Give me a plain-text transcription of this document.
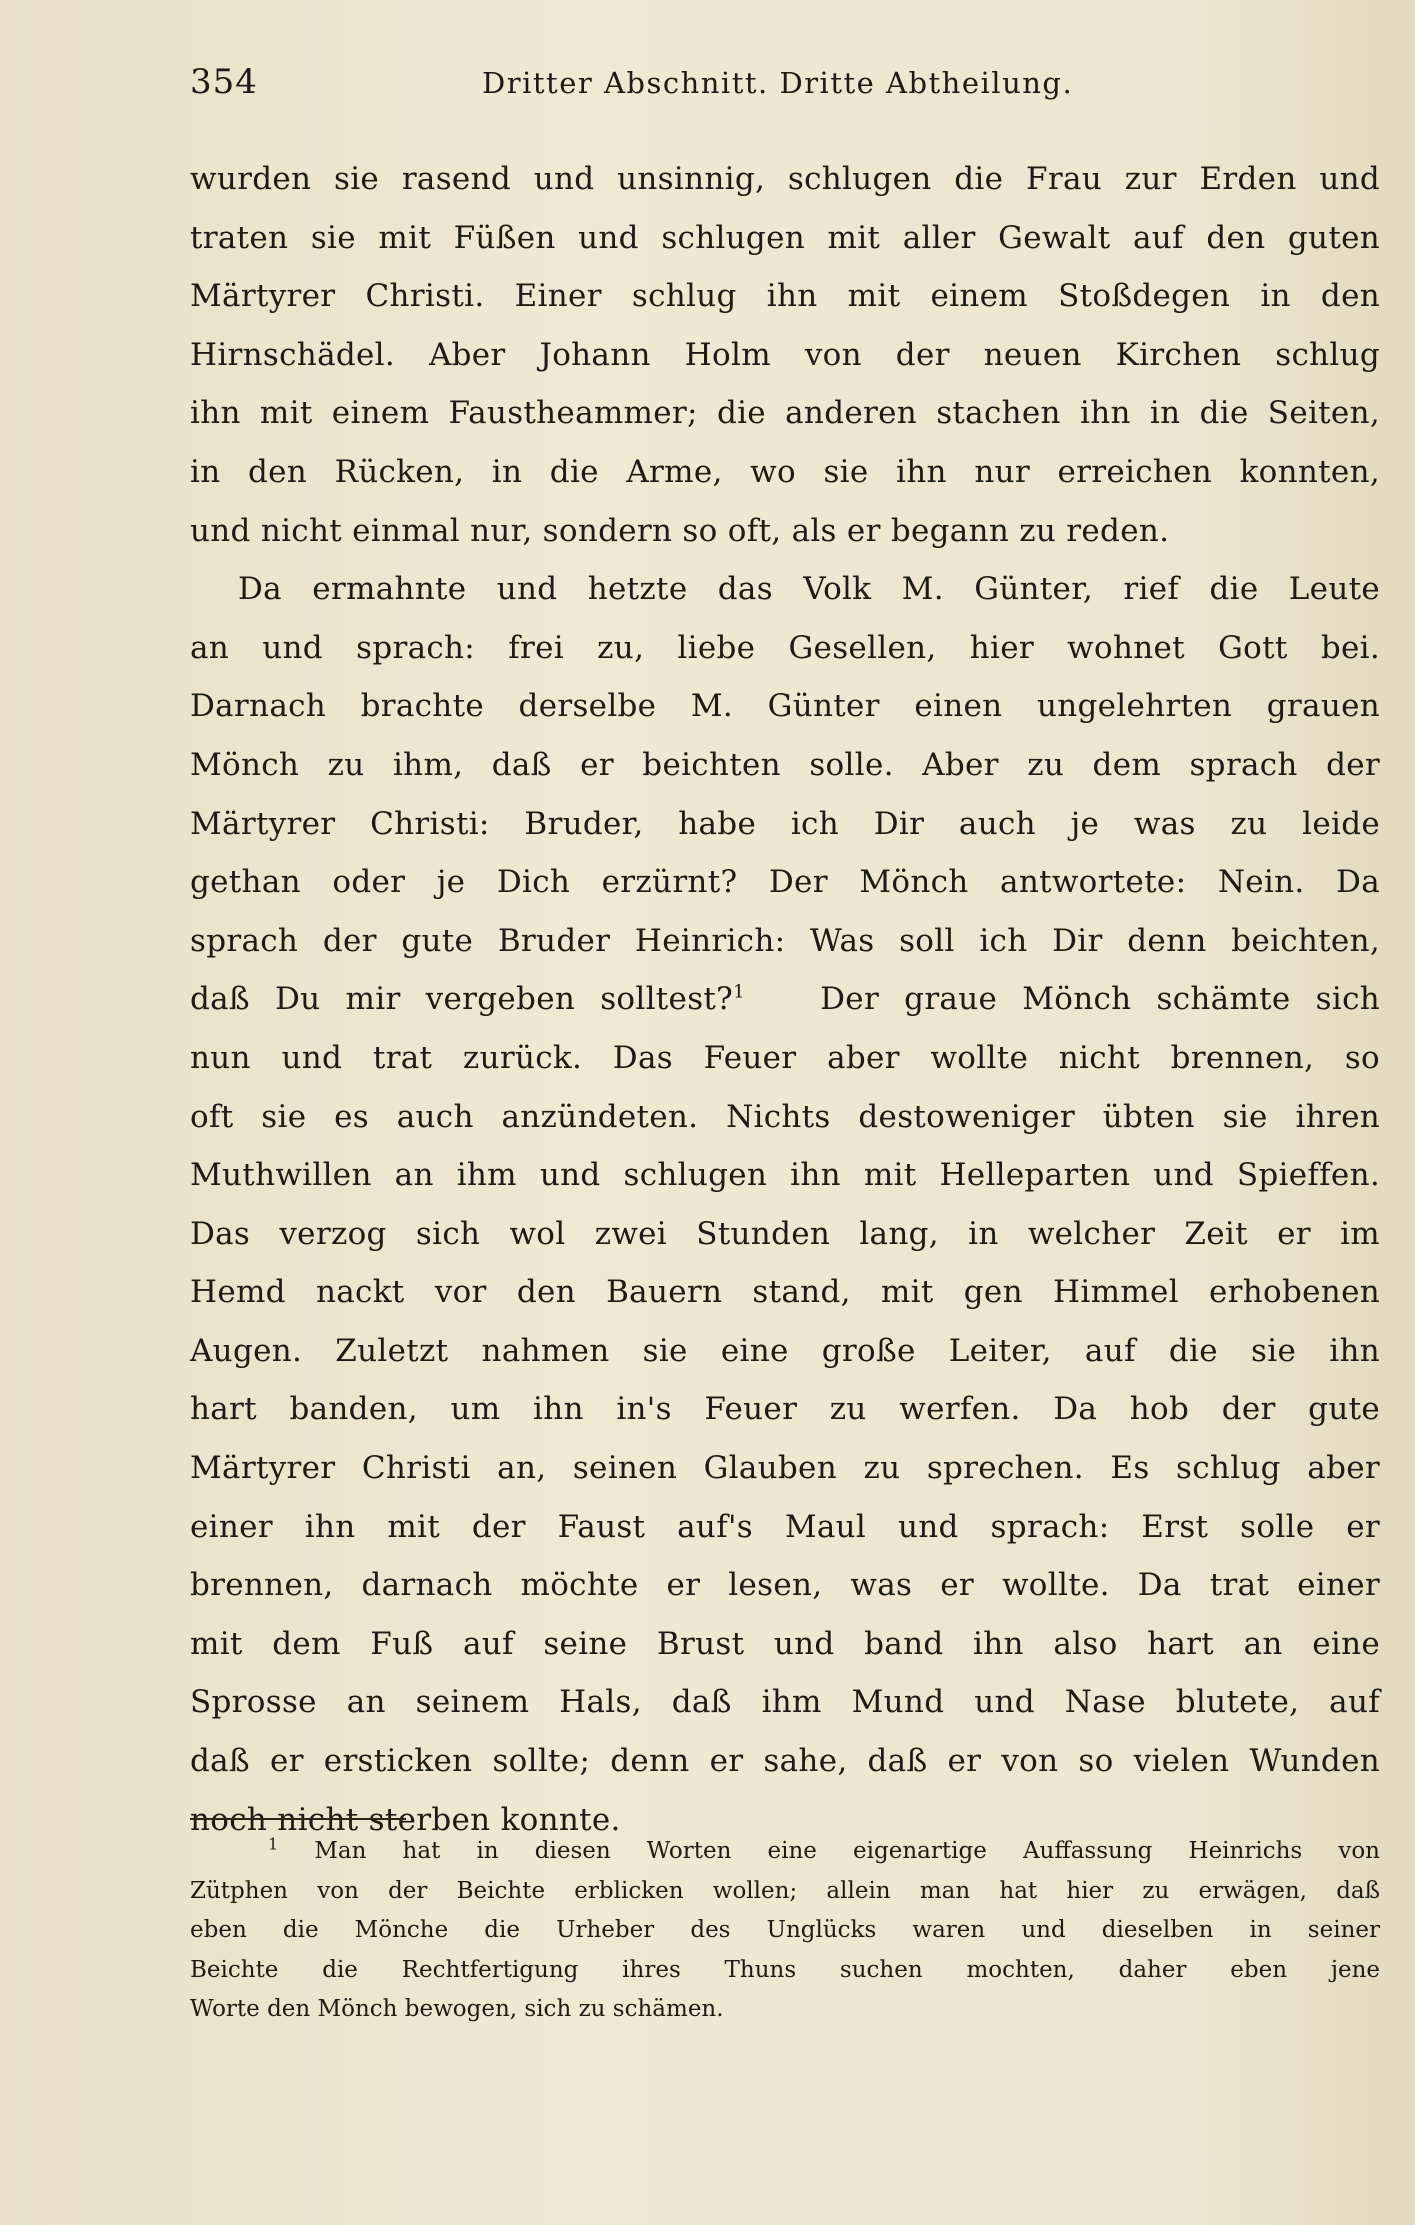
354	Dritter Abschnitt. Dritte Abtheilung.
wurden sie rasend und unsinnig, schlugen die Frau zur Erden und
traten sie mit Füßen und schlugen mit aller Gewalt auf den guten
Märtyrer Christi. Einer schlug ihn mit einem Stoßdegen in den
Hirnschädel. Aber Johann Holm von der neuen Kirchen schlug
ihn mit einem Faustheammer; die anderen stachen ihn in die Seiten,
in den Rücken, in die Arme, wo sie ihn nur erreichen konnten,
und nicht einmal nur, sondern so oft, als er begann zu reden.
Da ermahnte und hetzte das Volk M. Günter, rief die Leute
an und sprach: frei zu, liebe Gesellen, hier wohnet Gott bei.
Darnach brachte derselbe M. Günter einen ungelehrten grauen
Mönch zu ihm, daß er beichten solle. Aber zu dem sprach der
Märtyrer Christi: Bruder, habe ich Dir auch je was zu leide
gethan oder je Dich erzürnt? Der Mönch antwortete: Nein. Da
sprach der gute Bruder Heinrich: Was soll ich Dir denn beichten,
daß Du mir vergeben solltest?$^1$ Der graue Mönch schämte sich
nun und trat zurück. Das Feuer aber wollte nicht brennen, so
oft sie es auch anzündeten. Nichts destoweniger übten sie ihren
Muthwillen an ihm und schlugen ihn mit Helleparten und Spieffen.
Das verzog sich wol zwei Stunden lang, in welcher Zeit er im
Hemd nackt vor den Bauern stand, mit gen Himmel erhobenen
Augen. Zuletzt nahmen sie eine große Leiter, auf die sie ihn
hart banden, um ihn in's Feuer zu werfen. Da hob der gute
Märtyrer Christi an, seinen Glauben zu sprechen. Es schlug aber
einer ihn mit der Faust auf's Maul und sprach: Erst solle er
brennen, darnach möchte er lesen, was er wollte. Da trat einer
mit dem Fuß auf seine Brust und band ihn also hart an eine
Sprosse an seinem Hals, daß ihm Mund und Nase blutete, auf
daß er ersticken sollte; denn er sahe, daß er von so vielen Wunden
noch nicht sterben konnte.
$^1$ Man hat in diesen Worten eine eigenartige Auffassung Heinrichs von
Zütphen von der Beichte erblicken wollen; allein man hat hier zu erwägen, daß
eben die Mönche die Urheber des Unglücks waren und dieselben in seiner
Beichte die Rechtfertigung ihres Thuns suchen mochten, daher eben jene
Worte den Mönch bewogen, sich zu schämen.
